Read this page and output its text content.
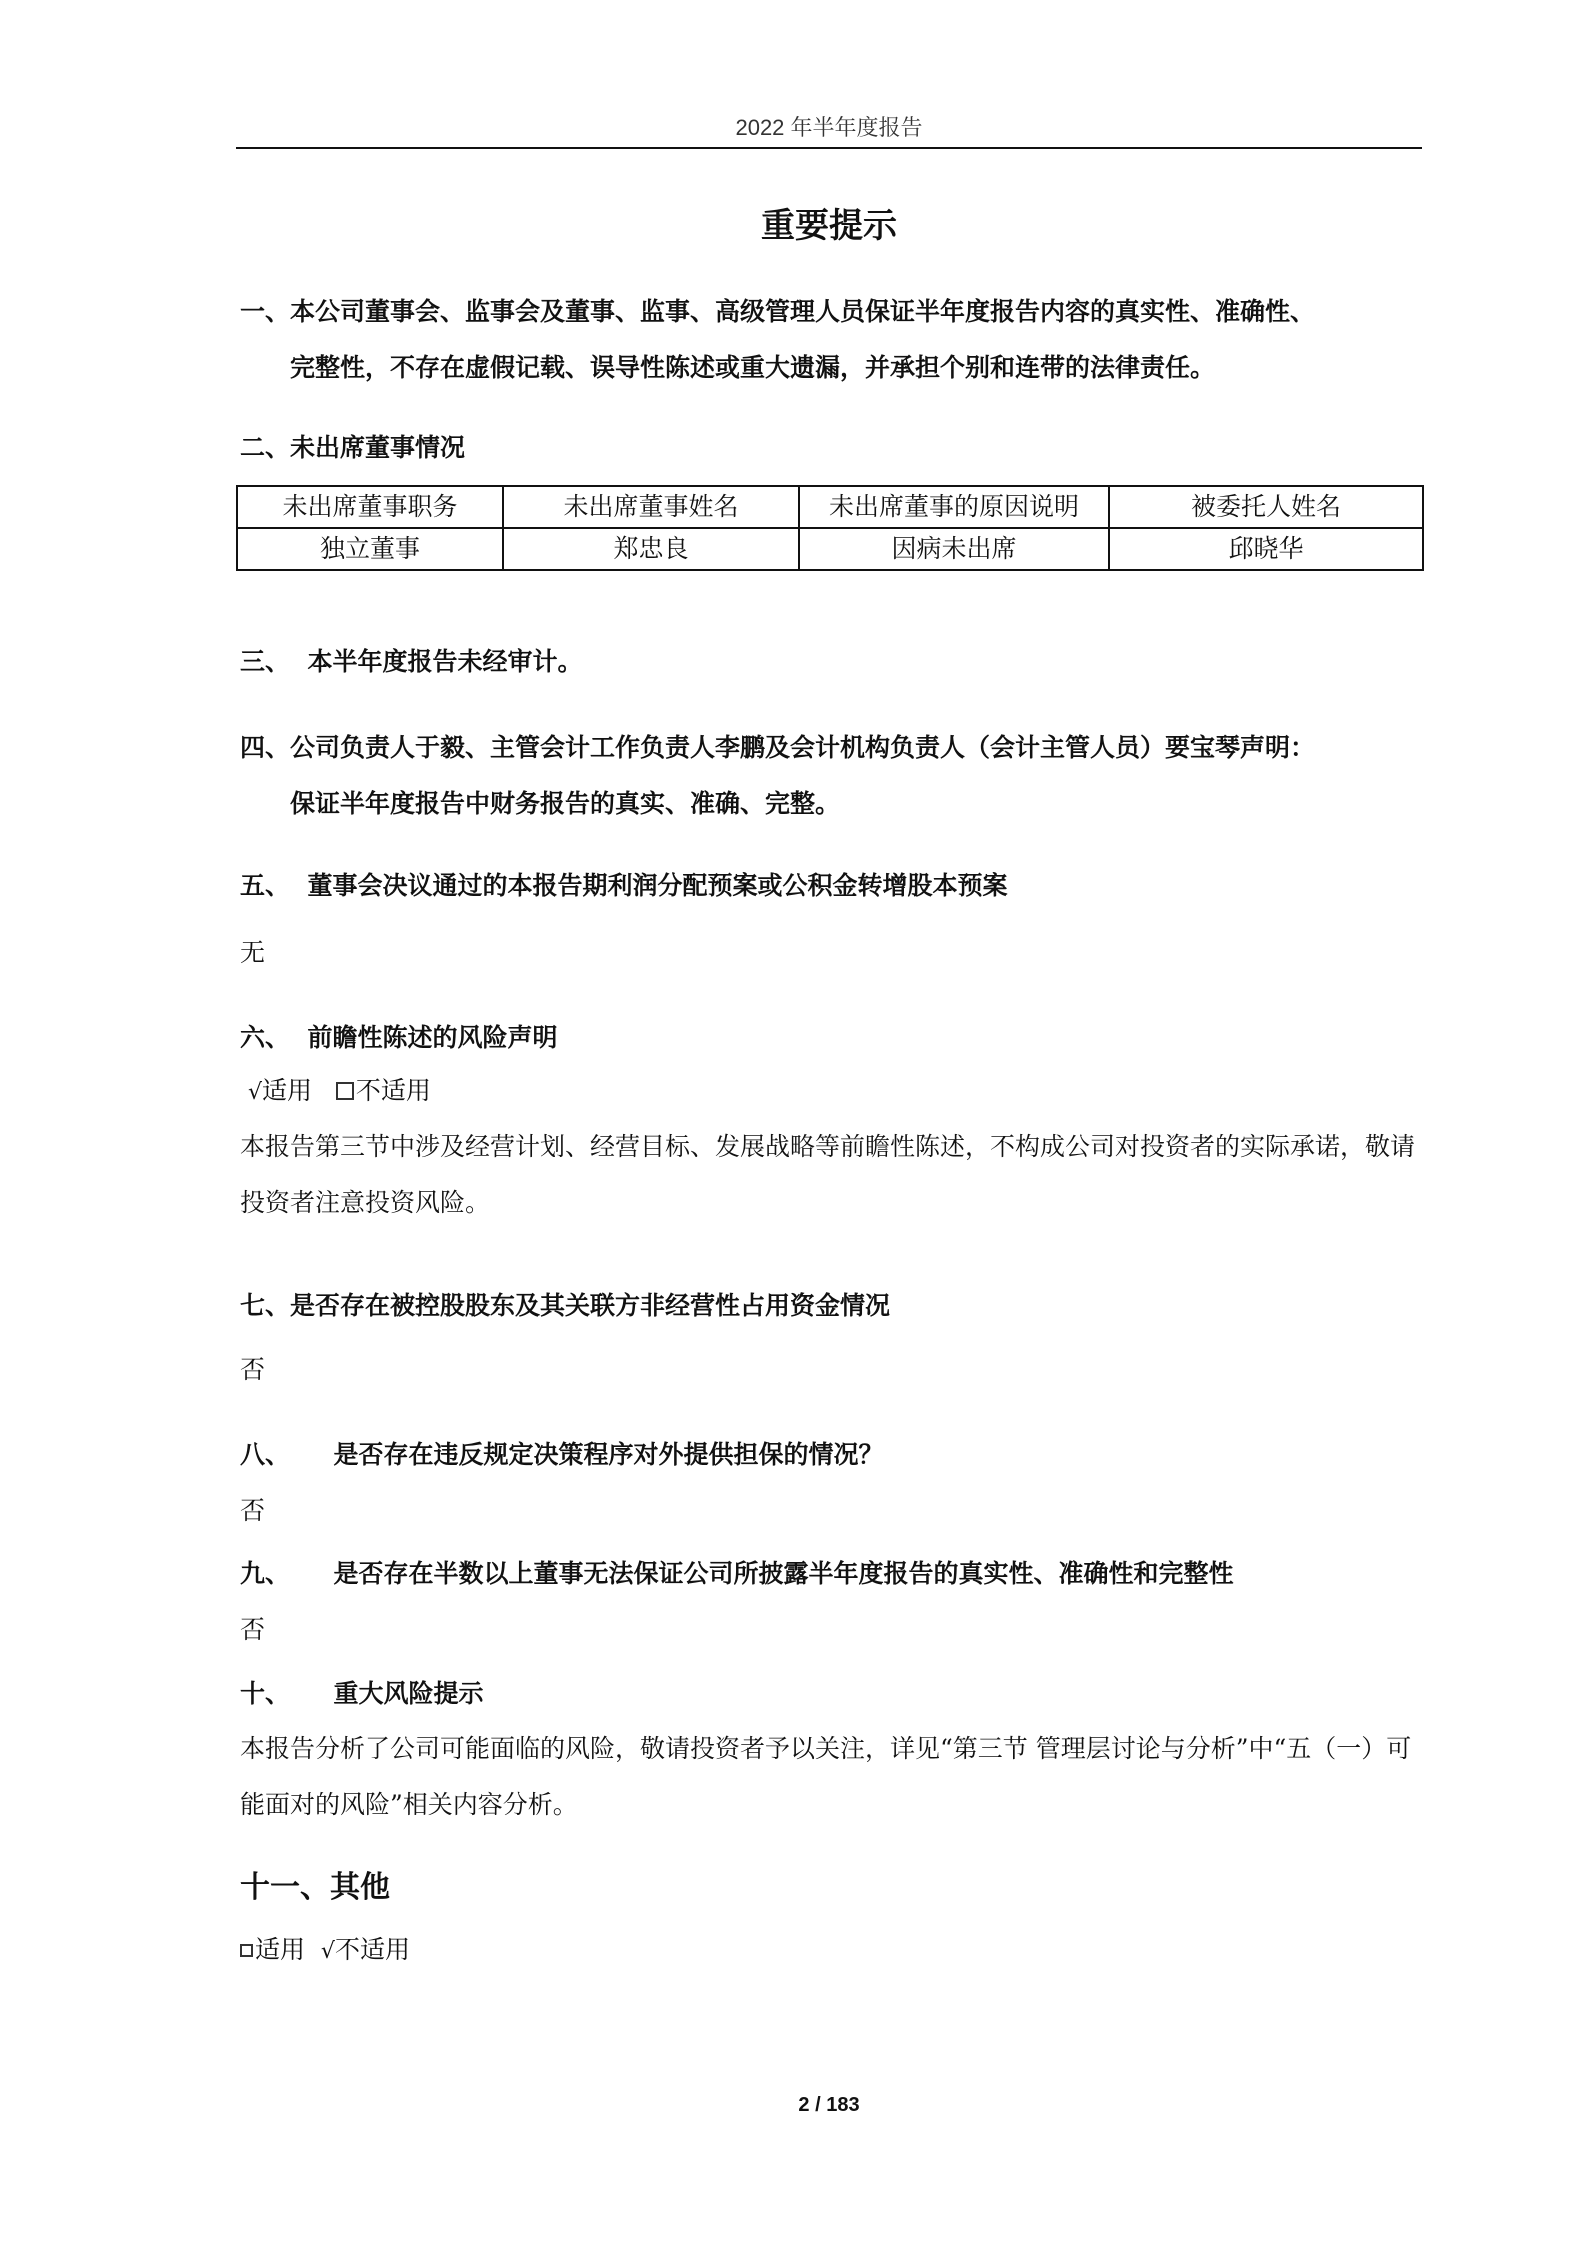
2022 年半年度报告
重要提示
一、本公司董事会、监事会及董事、监事、高级管理人员保证半年度报告内容的真实性、准确性、
完整性，不存在虚假记载、误导性陈述或重大遗漏，并承担个别和连带的法律责任。
二、未出席董事情况
未出席董事职务	未出席董事姓名	未出席董事的原因说明	被委托人姓名
独立董事	郑忠良	因病未出席	邱晓华
三、 本半年度报告未经审计。
四、公司负责人于毅、主管会计工作负责人李鹏及会计机构负责人（会计主管人员）要宝琴声明：
保证半年度报告中财务报告的真实、准确、完整。
五、 董事会决议通过的本报告期利润分配预案或公积金转增股本预案
无
六、 前瞻性陈述的风险声明
√适用 不适用
本报告第三节中涉及经营计划、经营目标、发展战略等前瞻性陈述，不构成公司对投资者的实际承诺，敬请投资者注意投资风险。
七、是否存在被控股股东及其关联方非经营性占用资金情况
否
八、 是否存在违反规定决策程序对外提供担保的情况？
否
九、 是否存在半数以上董事无法保证公司所披露半年度报告的真实性、准确性和完整性
否
十、 重大风险提示
本报告分析了公司可能面临的风险，敬请投资者予以关注，详见“第三节 管理层讨论与分析”中“五（一）可能面对的风险”相关内容分析。
十一、其他
适用 √不适用
2 / 183
